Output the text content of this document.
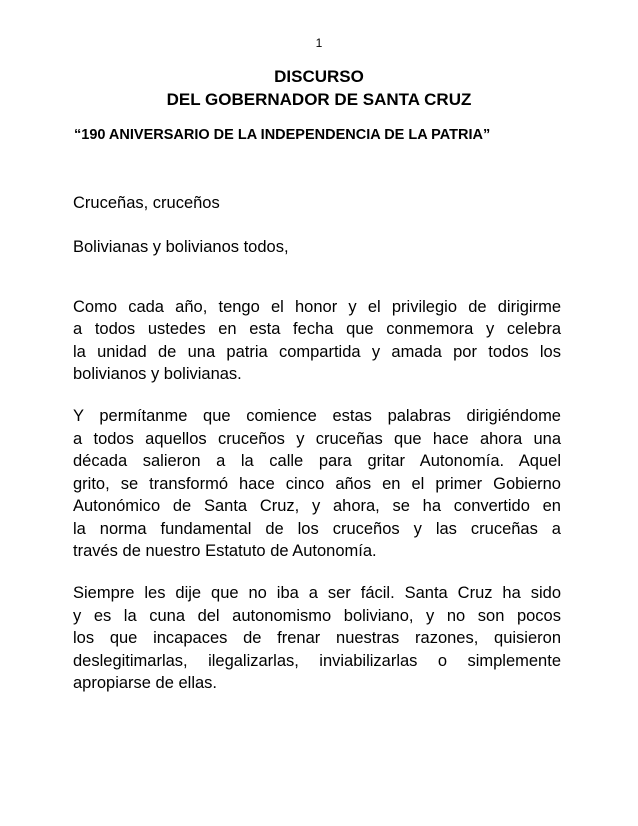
1
DISCURSO
DEL GOBERNADOR DE SANTA CRUZ
“190 ANIVERSARIO DE LA INDEPENDENCIA DE LA PATRIA”
Cruceñas, cruceños
Bolivianas y bolivianos todos,
Como cada año, tengo el honor y el privilegio de dirigirme
a todos ustedes en esta fecha que conmemora y celebra
la unidad de una patria compartida y amada por todos los
bolivianos y bolivianas.
Y permítanme que comience estas palabras dirigiéndome
a todos aquellos cruceños y cruceñas que hace ahora una
década salieron a la calle para gritar Autonomía. Aquel
grito, se transformó hace cinco años en el primer Gobierno
Autonómico de Santa Cruz, y ahora, se ha convertido en
la norma fundamental de los cruceños y las cruceñas a
través de nuestro Estatuto de Autonomía.
Siempre les dije que no iba a ser fácil. Santa Cruz ha sido
y es la cuna del autonomismo boliviano, y no son pocos
los que incapaces de frenar nuestras razones, quisieron
deslegitimarlas, ilegalizarlas, inviabilizarlas o simplemente
apropiarse de ellas.
